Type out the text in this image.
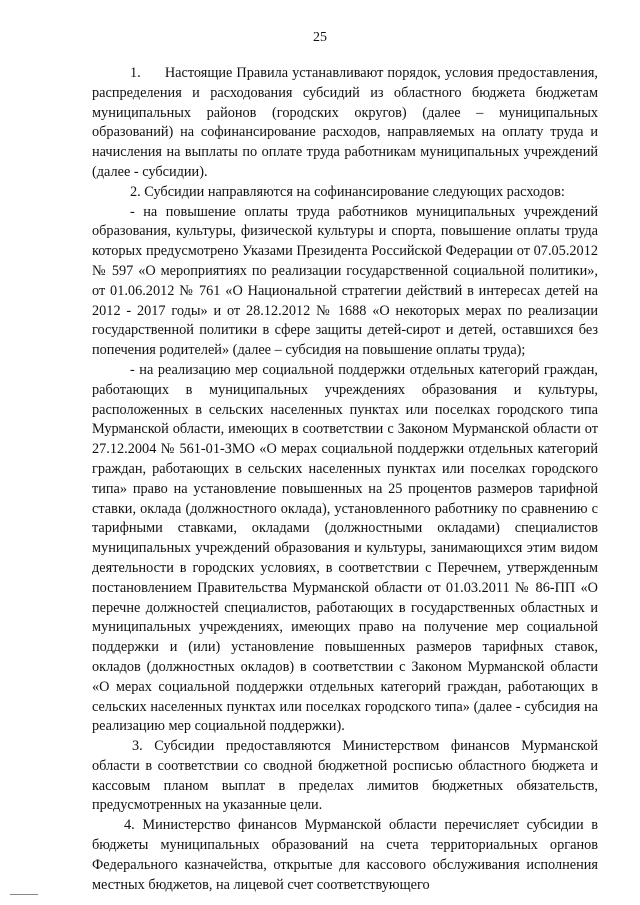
25

1.      Настоящие Правила устанавливают порядок, условия предоставления, распределения и расходования субсидий из областного бюджета бюджетам муниципальных районов (городских округов) (далее – муниципальных образований) на софинансирование расходов, направляемых на оплату труда и начисления на выплаты по оплате труда работникам муниципальных учреждений (далее - субсидии).

2. Субсидии направляются на софинансирование следующих расходов:

- на повышение оплаты труда работников муниципальных учреждений образования, культуры, физической культуры и спорта, повышение оплаты труда которых предусмотрено Указами Президента Российской Федерации от 07.05.2012 № 597 «О мероприятиях по реализации государственной социальной политики», от 01.06.2012 № 761 «О Национальной стратегии действий в интересах детей на 2012 - 2017 годы» и от 28.12.2012 № 1688 «О некоторых мерах по реализации государственной политики в сфере защиты детей-сирот и детей, оставшихся без попечения родителей» (далее – субсидия на повышение оплаты труда);

- на реализацию мер социальной поддержки отдельных категорий граждан, работающих в муниципальных учреждениях образования и культуры, расположенных в сельских населенных пунктах или поселках городского типа Мурманской области, имеющих в соответствии с Законом Мурманской области от 27.12.2004 № 561-01-ЗМО «О мерах социальной поддержки отдельных категорий граждан, работающих в сельских населенных пунктах или поселках городского типа» право на установление повышенных на 25 процентов размеров тарифной ставки, оклада (должностного оклада), установленного работнику по сравнению с тарифными ставками, окладами (должностными окладами) специалистов муниципальных учреждений образования и культуры, занимающихся этим видом деятельности в городских условиях, в соответствии с Перечнем, утвержденным постановлением Правительства Мурманской области от 01.03.2011 № 86-ПП «О перечне должностей специалистов, работающих в государственных областных и муниципальных учреждениях, имеющих право на получение мер социальной поддержки и (или) установление повышенных размеров тарифных ставок, окладов (должностных окладов) в соответствии с Законом Мурманской области «О мерах социальной поддержки отдельных категорий граждан, работающих в сельских населенных пунктах или поселках городского типа» (далее - субсидия на реализацию мер социальной поддержки).

3. Субсидии предоставляются Министерством финансов Мурманской области в соответствии со сводной бюджетной росписью областного бюджета и кассовым планом выплат в пределах лимитов бюджетных обязательств, предусмотренных на указанные цели.

4. Министерство финансов Мурманской области перечисляет субсидии в бюджеты муниципальных образований на счета территориальных органов Федерального казначейства, открытые для кассового обслуживания исполнения местных бюджетов, на лицевой счет соответствующего
